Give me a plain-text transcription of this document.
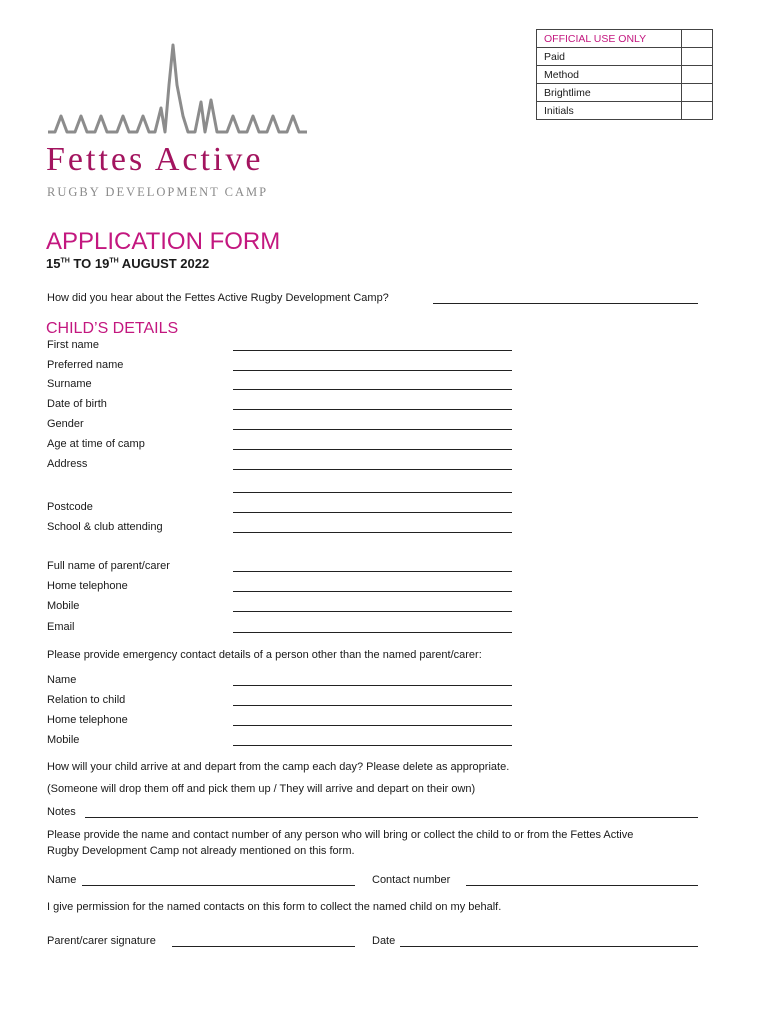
OFFICIAL USE ONLY	
Paid	
Method	
Brightlime	
Initials	
Fettes Active
RUGBY DEVELOPMENT CAMP
APPLICATION FORM
15TH TO 19TH AUGUST 2022
How did you hear about the Fettes Active Rugby Development Camp?
CHILD’S DETAILS
First name
Preferred name
Surname
Date of birth
Gender
Age at time of camp
Address
Postcode
School & club attending
Full name of parent/carer
Home telephone
Mobile
Email
Please provide emergency contact details of a person other than the named parent/carer:
Name
Relation to child
Home telephone
Mobile
How will your child arrive at and depart from the camp each day? Please delete as appropriate.
(Someone will drop them off and pick them up / They will arrive and depart on their own)
Notes
Please provide the name and contact number of any person who will bring or collect the child to or from the Fettes Active
Rugby Development Camp not already mentioned on this form.
Name	Contact number
I give permission for the named contacts on this form to collect the named child on my behalf.
Parent/carer signature	Date
